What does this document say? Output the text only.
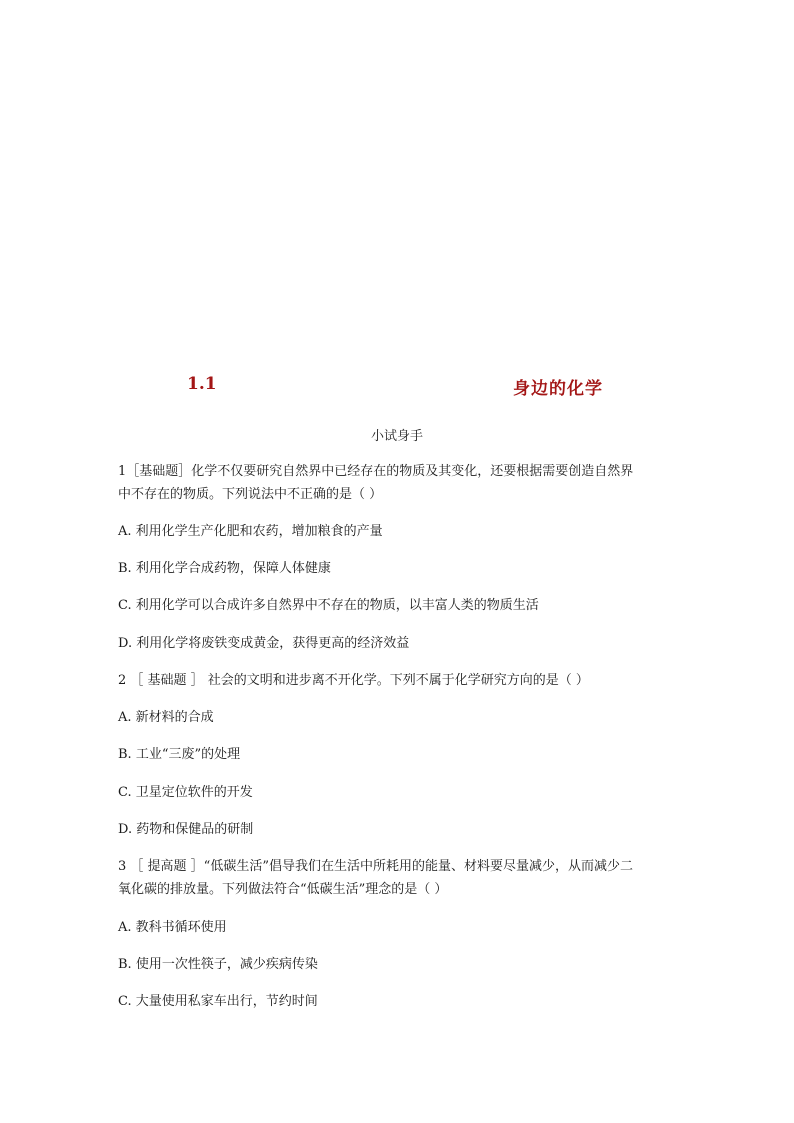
1.1	身边的化学
小试身手
1［基础题］化学不仅要研究自然界中已经存在的物质及其变化，还要根据需要创造自然界
中不存在的物质。下列说法中不正确的是（ ）
A. 利用化学生产化肥和农药，增加粮食的产量
B. 利用化学合成药物，保障人体健康
C. 利用化学可以合成许多自然界中不存在的物质，以丰富人类的物质生活
D. 利用化学将废铁变成黄金，获得更高的经济效益
2 ［ 基础题 ］ 社会的文明和进步离不开化学。下列不属于化学研究方向的是（ ）
A. 新材料的合成
B. 工业“三废”的处理
C. 卫星定位软件的开发
D. 药物和保健品的研制
3 ［ 提高题 ］“低碳生活”倡导我们在生活中所耗用的能量、材料要尽量减少，从而减少二
氧化碳的排放量。下列做法符合“低碳生活”理念的是（ ）
A. 教科书循环使用
B. 使用一次性筷子，减少疾病传染
C. 大量使用私家车出行，节约时间
